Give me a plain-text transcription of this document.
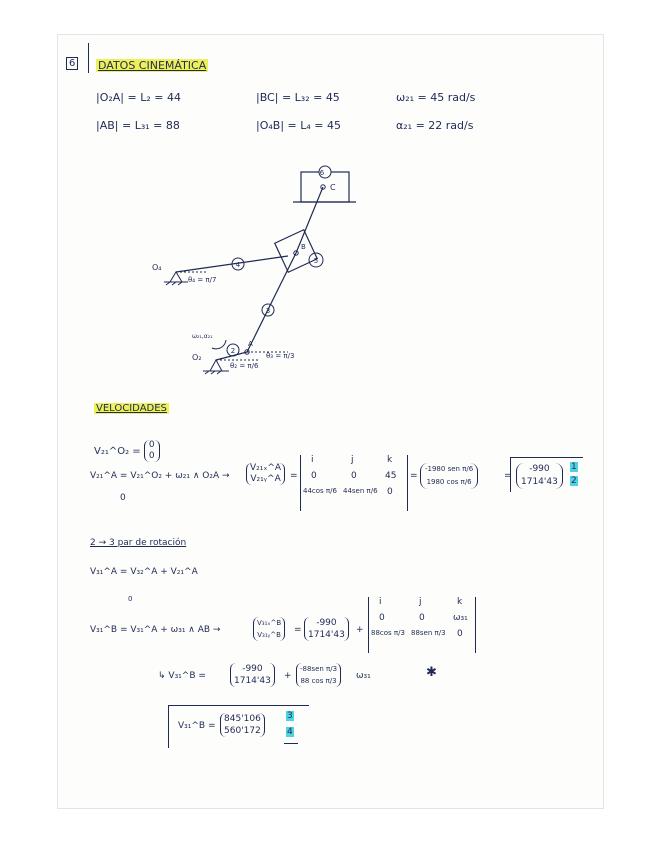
6 DATOS CINEMÁTICA
|O₂A| = L₂ = 44	|BC| = L₃₂ = 45	ω₂₁ = 45 rad/s
|AB| = L₃₁ = 88	|O₄B| = L₄ = 45	α₂₁ = 22 rad/s
6
C
B
5
4
3
2
O₄
θ₄ = π/7
O₂
A
θ₃ = π/3
θ₂ = π/6
ω₂₁,α₂₁
VELOCIDADES
V₂₁^O₂ = 0
0
V₂₁^A = V₂₁^O₂ + ω₂₁ ∧ O₂A →
0
V₂₁ₓ^A
V₂₁ᵧ^A	=
i	j	k
0	0	45
44cos π/6 44sen π/6 0
=
-1980 sen π/6
1980 cos π/6
=
-990
1714'43
1
2
2 → 3 par de rotación
V₃₁^A = V₃₂^A + V₂₁^A
0
V₃₁^B = V₃₁^A + ω₃₁ ∧ AB →
V₃₁ₓ^B
V₃₁ᵧ^B	=
-990
1714'43	+
i	j	k
0	0	ω₃₁
88cos π/3 88sen π/3 0
↳ V₃₁^B =
-990
1714'43	+
-88sen π/3
88 cos π/3	ω₃₁	✱
V₃₁^B =
845'106
560'172
3
4
